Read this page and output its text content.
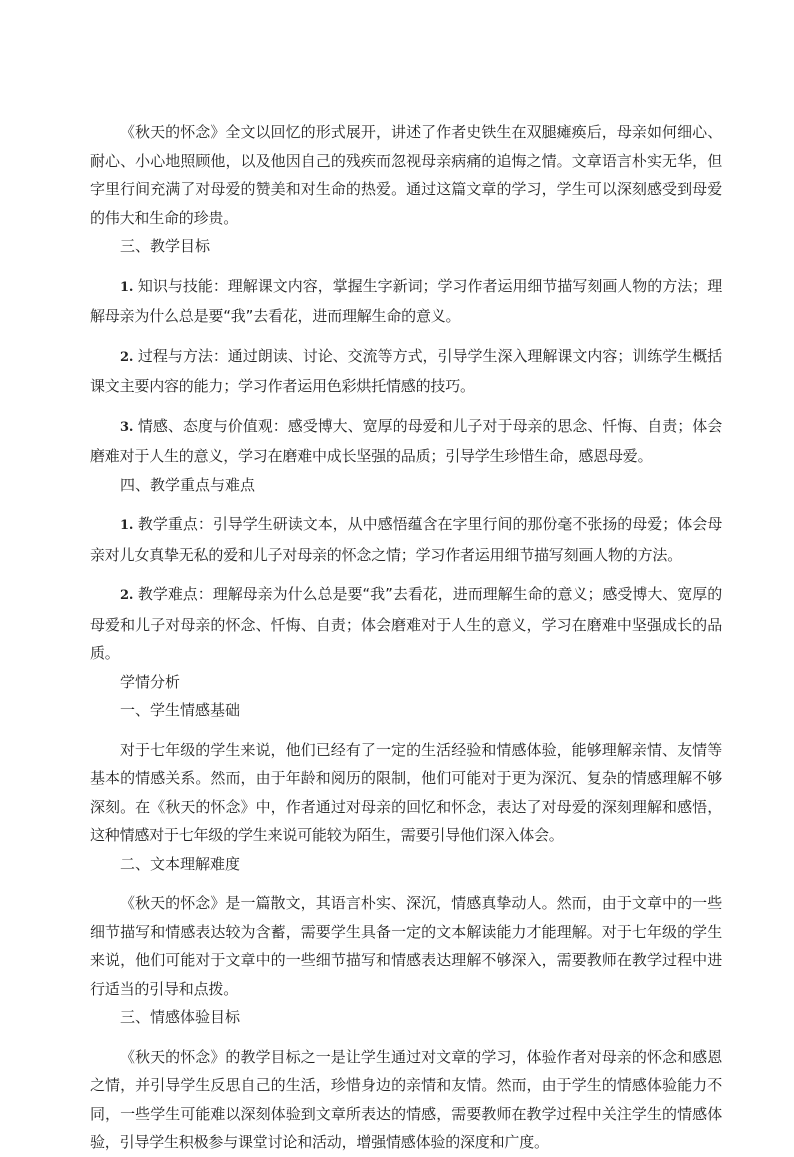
《秋天的怀念》全文以回忆的形式展开，讲述了作者史铁生在双腿瘫痪后，母亲如何细心、耐心、小心地照顾他，以及他因自己的残疾而忽视母亲病痛的追悔之情。文章语言朴实无华，但字里行间充满了对母爱的赞美和对生命的热爱。通过这篇文章的学习，学生可以深刻感受到母爱的伟大和生命的珍贵。

三、教学目标

1. 知识与技能：理解课文内容，掌握生字新词；学习作者运用细节描写刻画人物的方法；理解母亲为什么总是要“我”去看花，进而理解生命的意义。

2. 过程与方法：通过朗读、讨论、交流等方式，引导学生深入理解课文内容；训练学生概括课文主要内容的能力；学习作者运用色彩烘托情感的技巧。

3. 情感、态度与价值观：感受博大、宽厚的母爱和儿子对于母亲的思念、忏悔、自责；体会磨难对于人生的意义，学习在磨难中成长坚强的品质；引导学生珍惜生命，感恩母爱。

四、教学重点与难点

1. 教学重点：引导学生研读文本，从中感悟蕴含在字里行间的那份毫不张扬的母爱；体会母亲对儿女真挚无私的爱和儿子对母亲的怀念之情；学习作者运用细节描写刻画人物的方法。

2. 教学难点：理解母亲为什么总是要“我”去看花，进而理解生命的意义；感受博大、宽厚的母爱和儿子对母亲的怀念、忏悔、自责；体会磨难对于人生的意义，学习在磨难中坚强成长的品质。

学情分析

一、学生情感基础

对于七年级的学生来说，他们已经有了一定的生活经验和情感体验，能够理解亲情、友情等基本的情感关系。然而，由于年龄和阅历的限制，他们可能对于更为深沉、复杂的情感理解不够深刻。在《秋天的怀念》中，作者通过对母亲的回忆和怀念，表达了对母爱的深刻理解和感悟，这种情感对于七年级的学生来说可能较为陌生，需要引导他们深入体会。

二、文本理解难度

《秋天的怀念》是一篇散文，其语言朴实、深沉，情感真挚动人。然而，由于文章中的一些细节描写和情感表达较为含蓄，需要学生具备一定的文本解读能力才能理解。对于七年级的学生来说，他们可能对于文章中的一些细节描写和情感表达理解不够深入，需要教师在教学过程中进行适当的引导和点拨。

三、情感体验目标

《秋天的怀念》的教学目标之一是让学生通过对文章的学习，体验作者对母亲的怀念和感恩之情，并引导学生反思自己的生活，珍惜身边的亲情和友情。然而，由于学生的情感体验能力不同，一些学生可能难以深刻体验到文章所表达的情感，需要教师在教学过程中关注学生的情感体验，引导学生积极参与课堂讨论和活动，增强情感体验的深度和广度。
